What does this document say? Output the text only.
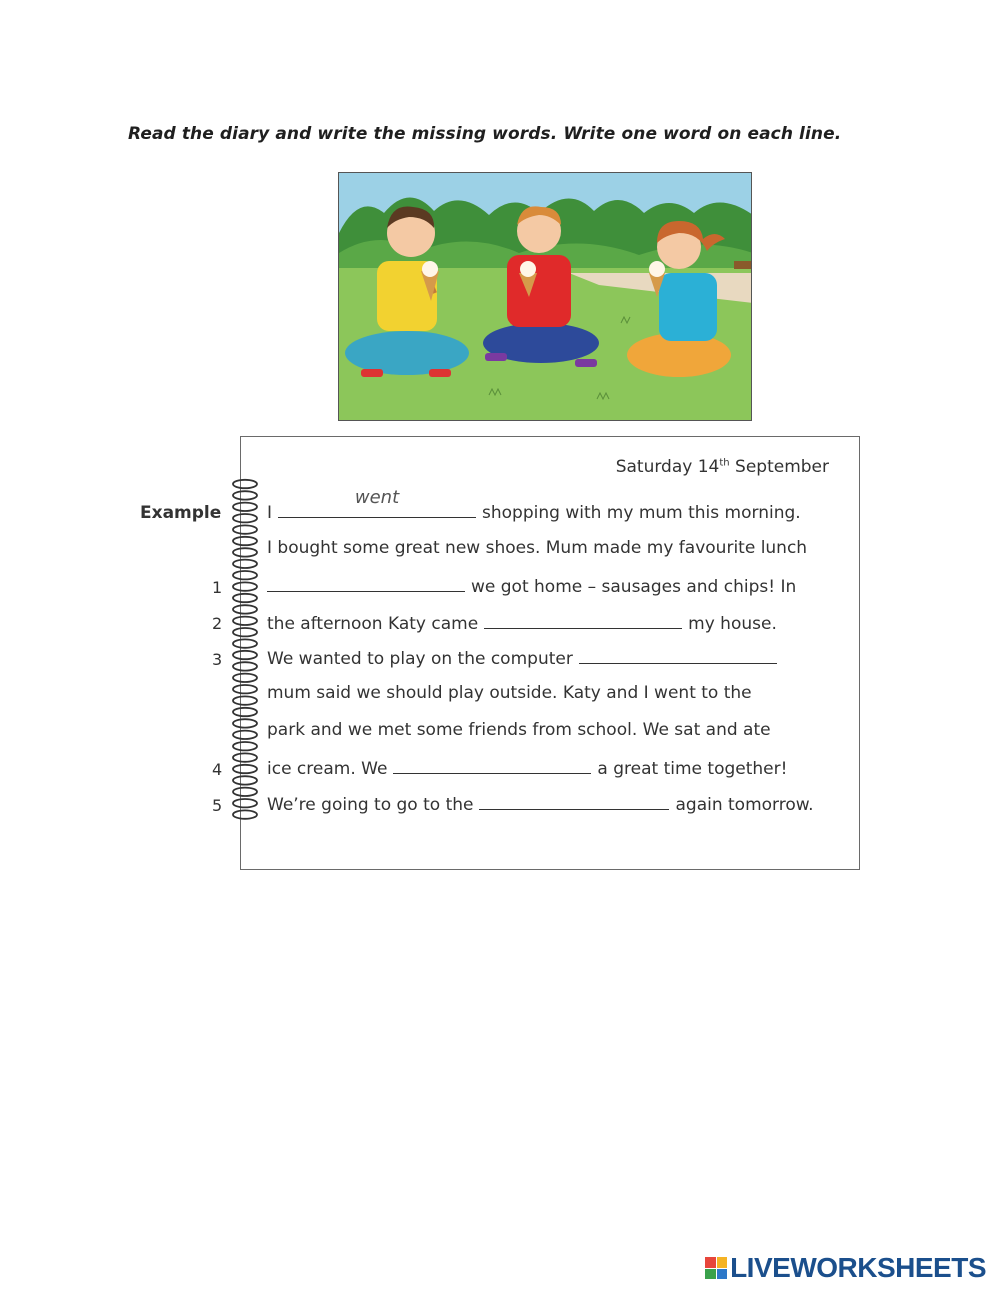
Read the diary and write the missing words. Write one word on each line.
Saturday 14th September
I
went
shopping with my mum this morning.
I bought some great new shoes. Mum made my favourite lunch
we got home – sausages and chips! In
the afternoon Katy came	my house.
We wanted to play on the computer
mum said we should play outside. Katy and I went to the
park and we met some friends from school. We sat and ate
ice cream. We	a great time together!
We’re going to go to the	again tomorrow.
Example
1
2
3
4
5
LIVEWORKSHEETS
